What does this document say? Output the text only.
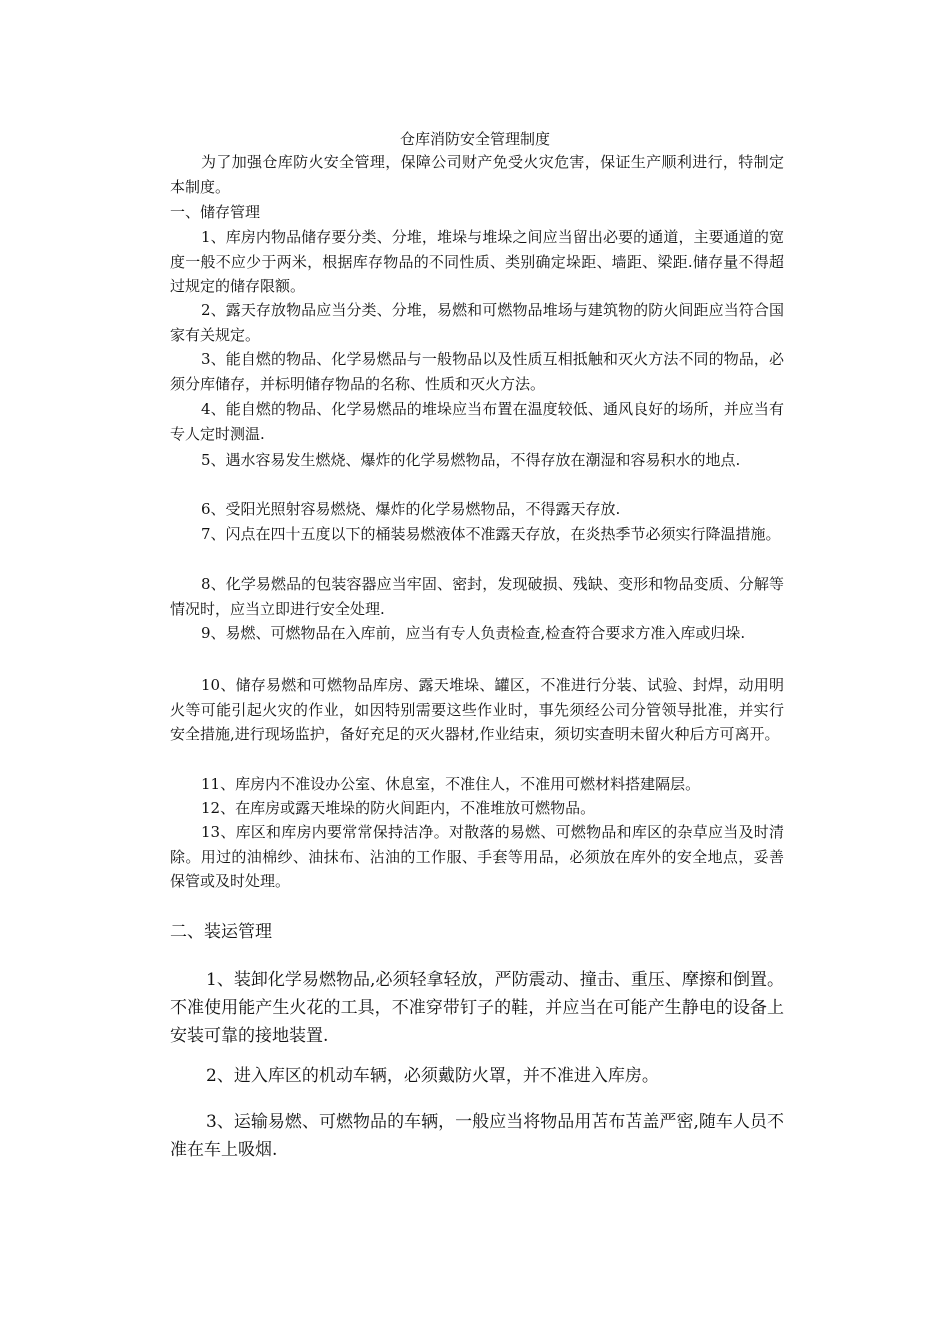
仓库消防安全管理制度

为了加强仓库防火安全管理，保障公司财产免受火灾危害，保证生产顺利进行，特制定本制度。

一、储存管理

1、库房内物品储存要分类、分堆，堆垛与堆垛之间应当留出必要的通道，主要通道的宽度一般不应少于两米，根据库存物品的不同性质、类别确定垛距、墙距、梁距.储存量不得超过规定的储存限额。

2、露天存放物品应当分类、分堆，易燃和可燃物品堆场与建筑物的防火间距应当符合国家有关规定。

3、能自燃的物品、化学易燃品与一般物品以及性质互相抵触和灭火方法不同的物品，必须分库储存，并标明储存物品的名称、性质和灭火方法。

4、能自燃的物品、化学易燃品的堆垛应当布置在温度较低、通风良好的场所，并应当有专人定时测温.

5、遇水容易发生燃烧、爆炸的化学易燃物品，不得存放在潮湿和容易积水的地点.

6、受阳光照射容易燃烧、爆炸的化学易燃物品，不得露天存放.

7、闪点在四十五度以下的桶装易燃液体不准露天存放，在炎热季节必须实行降温措施。

8、化学易燃品的包装容器应当牢固、密封，发现破损、残缺、变形和物品变质、分解等情况时，应当立即进行安全处理.

9、易燃、可燃物品在入库前，应当有专人负责检查,检查符合要求方准入库或归垛.

10、储存易燃和可燃物品库房、露天堆垛、罐区，不准进行分装、试验、封焊，动用明火等可能引起火灾的作业，如因特别需要这些作业时，事先须经公司分管领导批准，并实行安全措施,进行现场监护，备好充足的灭火器材,作业结束，须切实查明未留火种后方可离开。

11、库房内不准设办公室、休息室，不准住人，不准用可燃材料搭建隔层。

12、在库房或露天堆垛的防火间距内，不准堆放可燃物品。

13、库区和库房内要常常保持洁净。对散落的易燃、可燃物品和库区的杂草应当及时清除。用过的油棉纱、油抹布、沾油的工作服、手套等用品，必须放在库外的安全地点，妥善保管或及时处理。

二、装运管理

1、装卸化学易燃物品,必须轻拿轻放，严防震动、撞击、重压、摩擦和倒置。不准使用能产生火花的工具，不准穿带钉子的鞋，并应当在可能产生静电的设备上安装可靠的接地装置.

2、进入库区的机动车辆，必须戴防火罩，并不准进入库房。

3、运输易燃、可燃物品的车辆，一般应当将物品用苫布苫盖严密,随车人员不准在车上吸烟.
